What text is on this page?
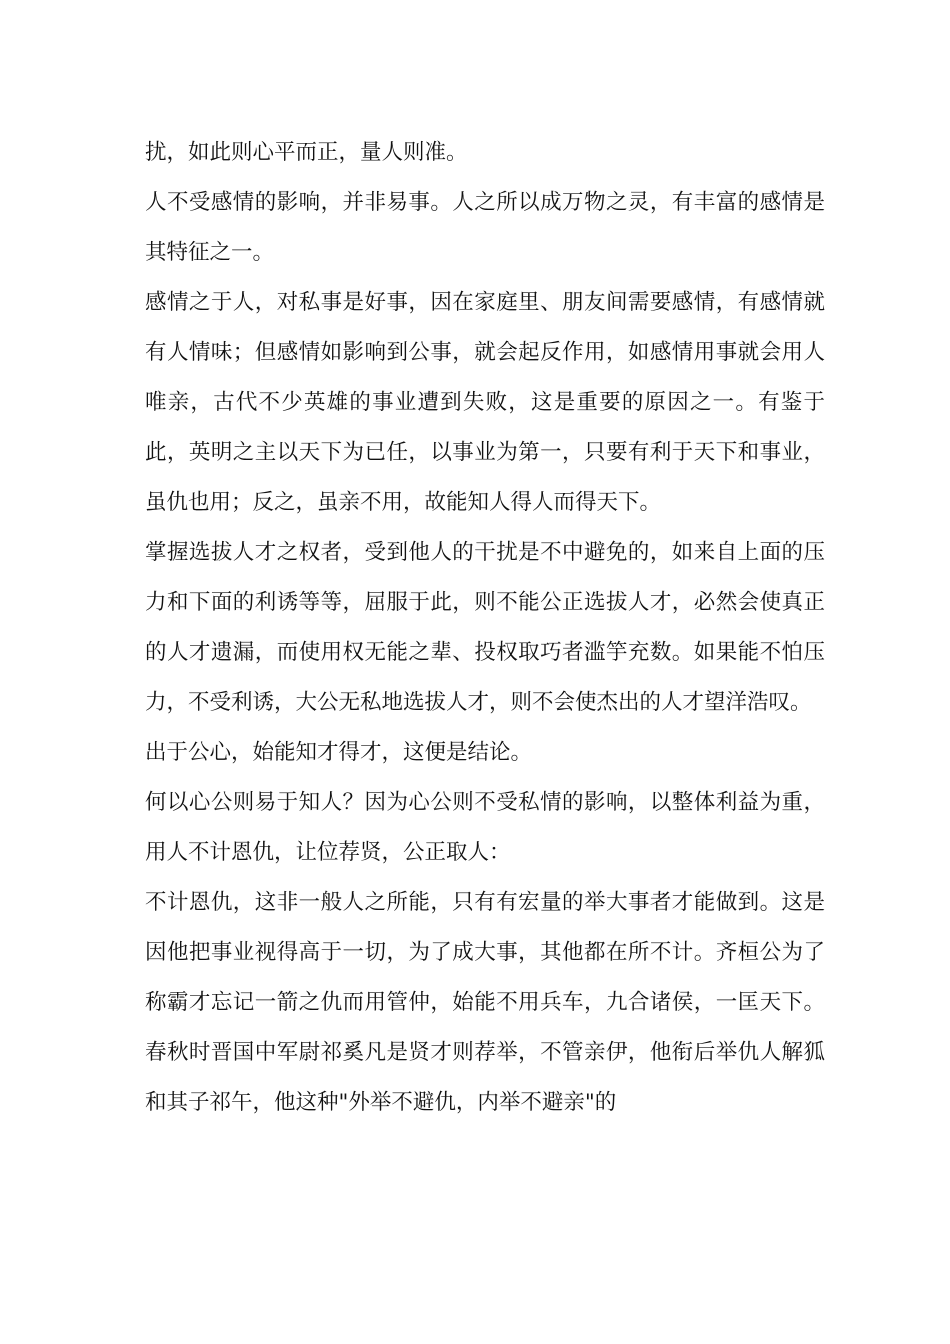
扰，如此则心平而正，量人则准。

人不受感情的影响，并非易事。人之所以成万物之灵，有丰富的感情是其特征之一。

感情之于人，对私事是好事，因在家庭里、朋友间需要感情，有感情就有人情味；但感情如影响到公事，就会起反作用，如感情用事就会用人唯亲，古代不少英雄的事业遭到失败，这是重要的原因之一。有鉴于此，英明之主以天下为已任，以事业为第一，只要有利于天下和事业，虽仇也用；反之，虽亲不用，故能知人得人而得天下。

掌握选拔人才之权者，受到他人的干扰是不中避免的，如来自上面的压力和下面的利诱等等，屈服于此，则不能公正选拔人才，必然会使真正的人才遗漏，而使用权无能之辈、投权取巧者滥竽充数。如果能不怕压力，不受利诱，大公无私地选拔人才，则不会使杰出的人才望洋浩叹。

出于公心，始能知才得才，这便是结论。

何以心公则易于知人？因为心公则不受私情的影响，以整体利益为重，用人不计恩仇，让位荐贤，公正取人：

不计恩仇，这非一般人之所能，只有有宏量的举大事者才能做到。这是因他把事业视得高于一切，为了成大事，其他都在所不计。齐桓公为了称霸才忘记一箭之仇而用管仲，始能不用兵车，九合诸侯，一匡天下。春秋时晋国中军尉祁奚凡是贤才则荐举，不管亲伊，他衔后举仇人解狐和其子祁午，他这种"外举不避仇，内举不避亲"的
